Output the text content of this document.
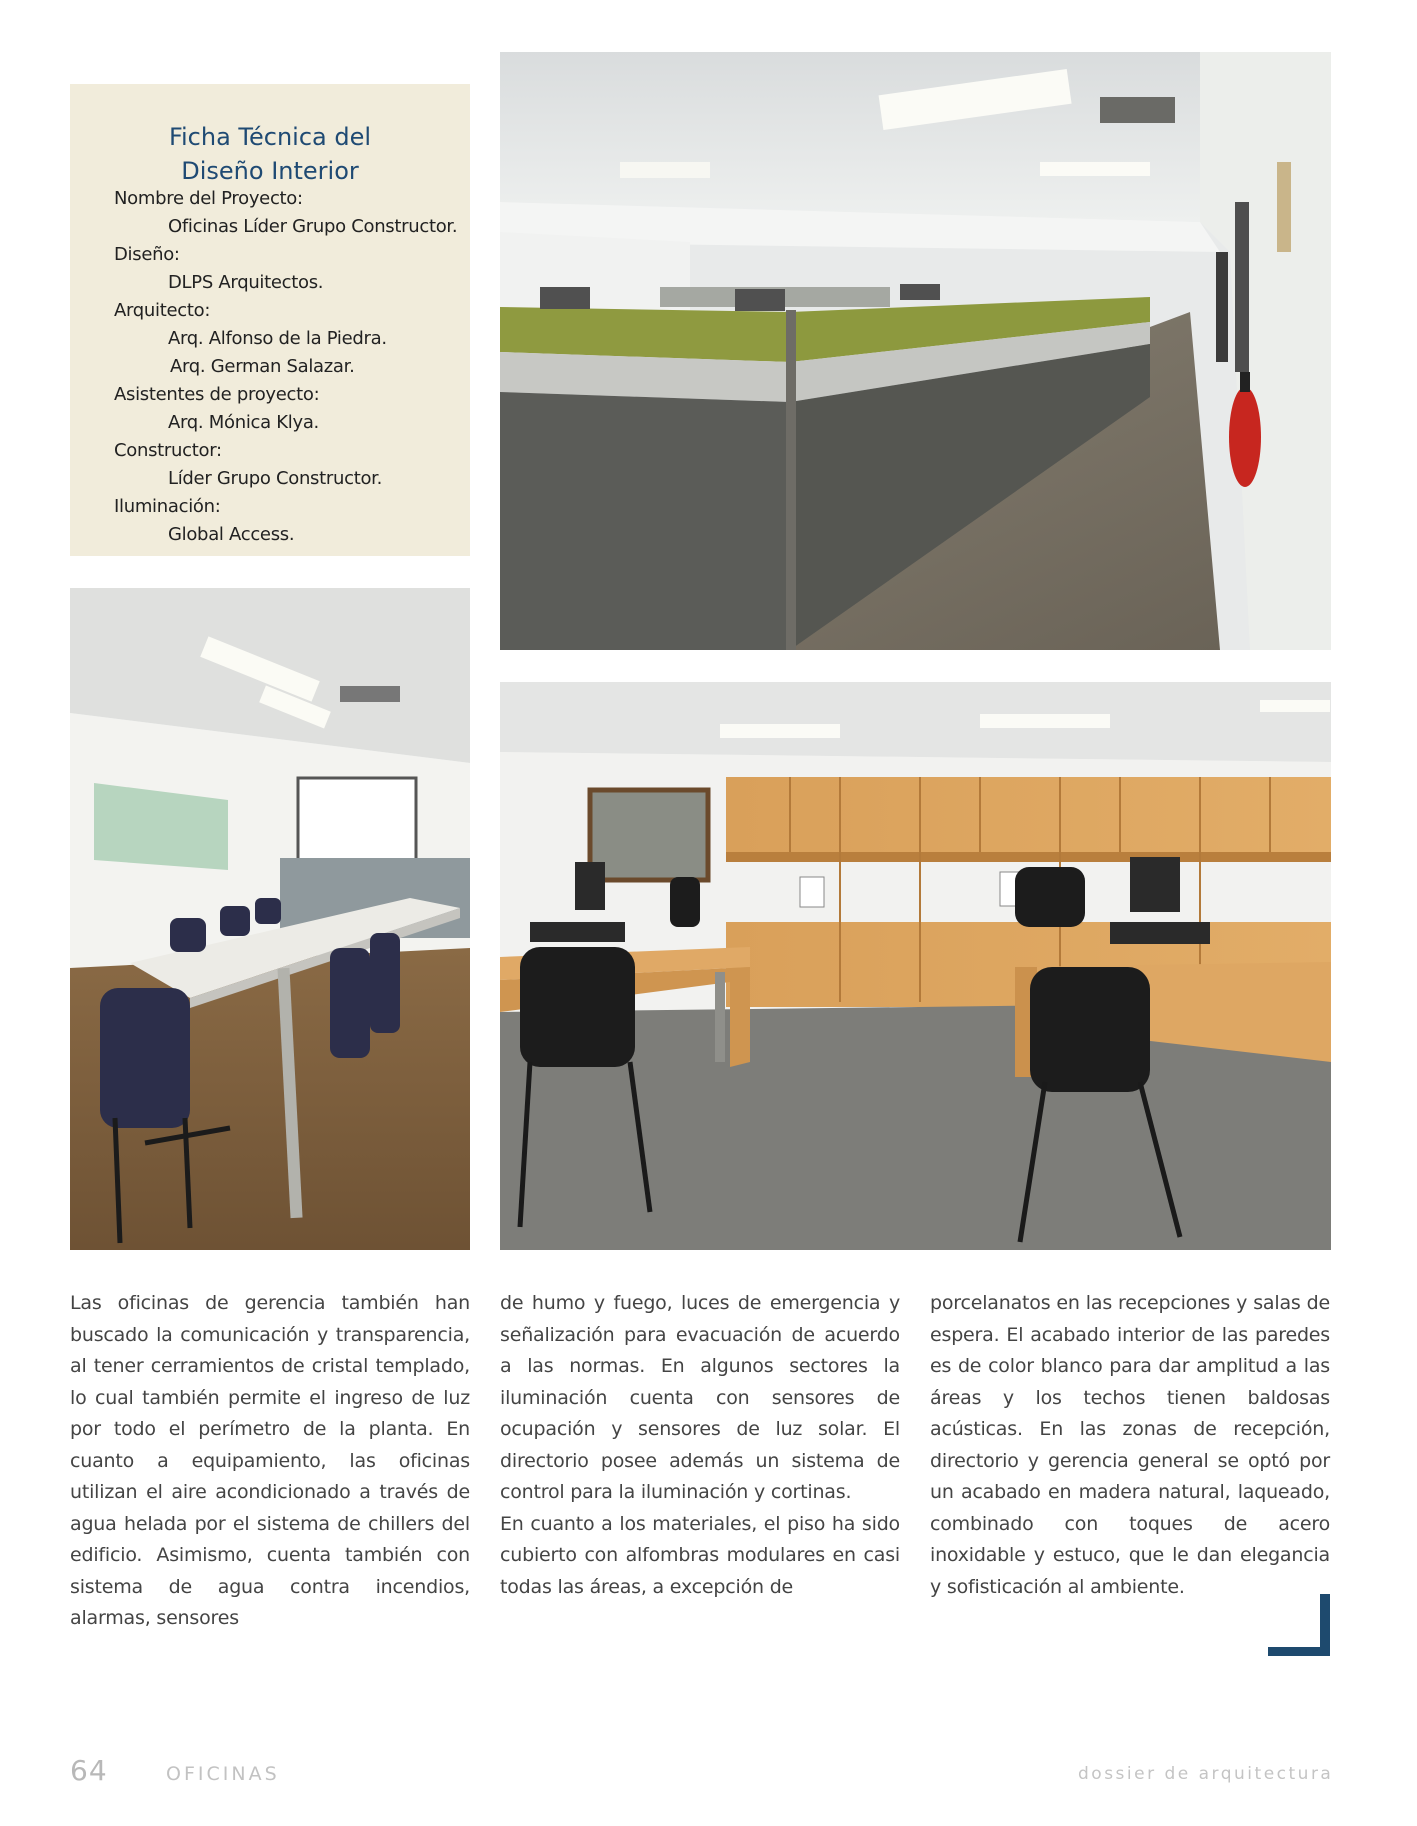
Ficha Técnica del
Diseño Interior
Nombre del Proyecto:
Oficinas Líder Grupo Constructor.
Diseño:
DLPS Arquitectos.
Arquitecto:
Arq. Alfonso de la Piedra.
Arq. German Salazar.
Asistentes de proyecto:
Arq. Mónica Klya.
Constructor:
Líder Grupo Constructor.
Iluminación:
Global Access.

Las oficinas de gerencia también han buscado la comunicación y transparencia, al tener cerramientos de cristal templado, lo cual también permite el ingreso de luz por todo el perímetro de la planta. En cuanto a equipamiento, las oficinas utilizan el aire acondicionado a través de agua helada por el sistema de chillers del edificio. Asimismo, cuenta también con sistema de agua contra incendios, alarmas, sensores

de humo y fuego, luces de emergencia y señalización para evacuación de acuerdo a las normas. En algunos sectores la iluminación cuenta con sensores de ocupación y sensores de luz solar. El directorio posee además un sistema de control para la iluminación y cortinas.

En cuanto a los materiales, el piso ha sido cubierto con alfombras modulares en casi todas las áreas, a excepción de

porcelanatos en las recepciones y salas de espera. El acabado interior de las paredes es de color blanco para dar amplitud a las áreas y los techos tienen baldosas acústicas. En las zonas de recepción, directorio y gerencia general se optó por un acabado en madera natural, laqueado, combinado con toques de acero inoxidable y estuco, que le dan elegancia y sofisticación al ambiente.

64	OFICINAS	dossier de arquitectura
